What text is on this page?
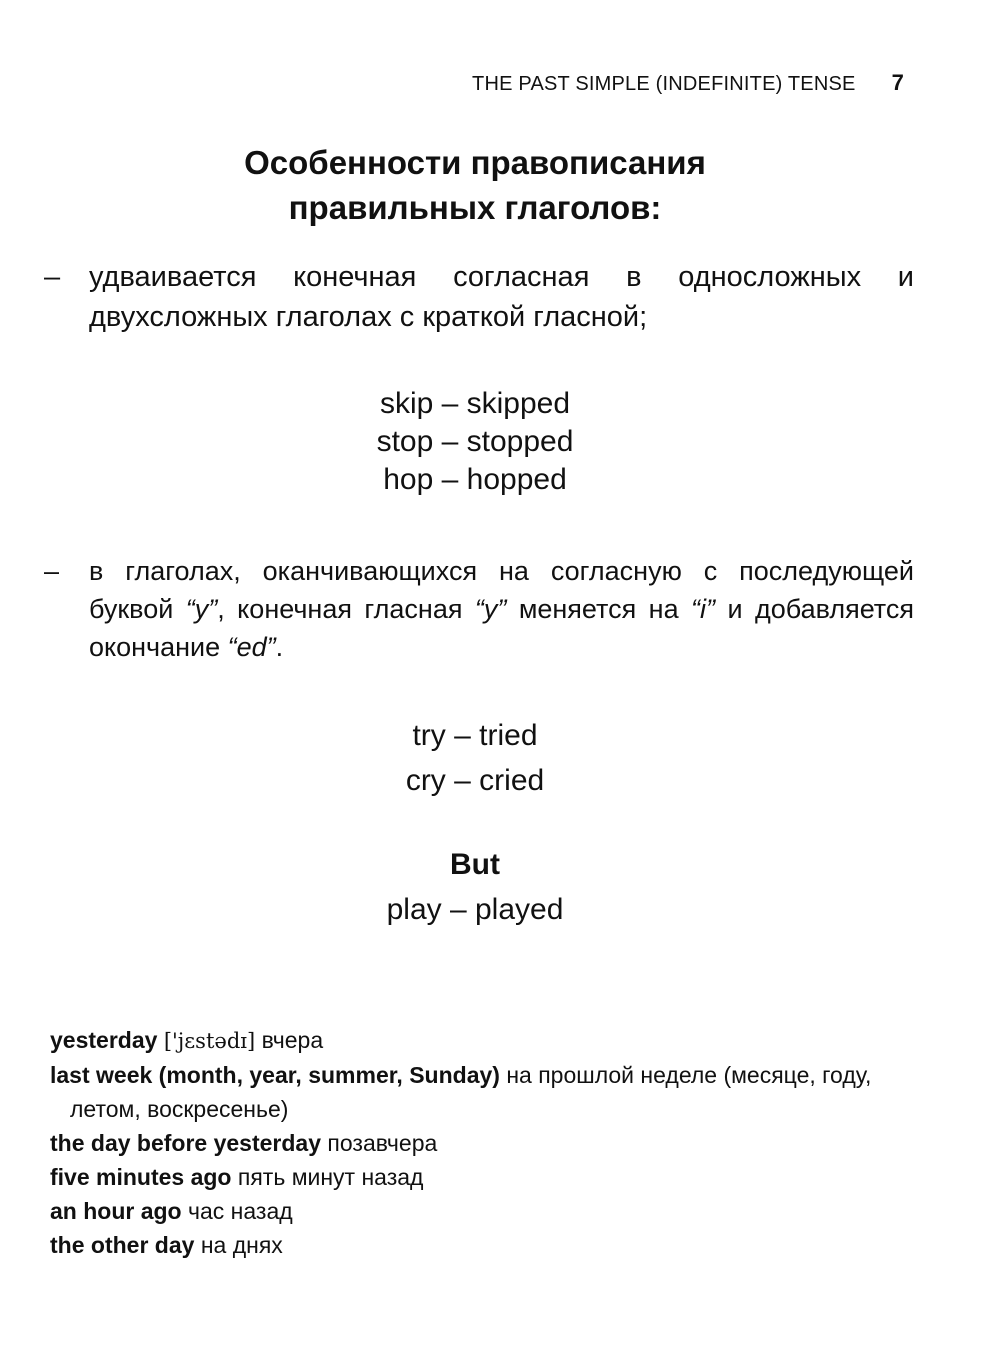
THE PAST SIMPLE (INDEFINITE) TENSE 7
Особенности правописания
правильных глаголов:
– удваивается конечная согласная в односложных и двухсложных глаголах с краткой гласной;
skip – skipped
stop – stopped
hop – hopped
– в глаголах, оканчивающихся на согласную с последующей буквой “y”, конечная гласная “y” меняется на “i” и добавляется окончание “ed”.
try – tried
cry – cried
But
play – played
yesterday ['jɛstədɪ] вчера
last week (month, year, summer, Sunday) на прошлой неделе (месяце, году, летом, воскресенье)
the day before yesterday позавчера
five minutes ago пять минут назад
an hour ago час назад
the other day на днях
